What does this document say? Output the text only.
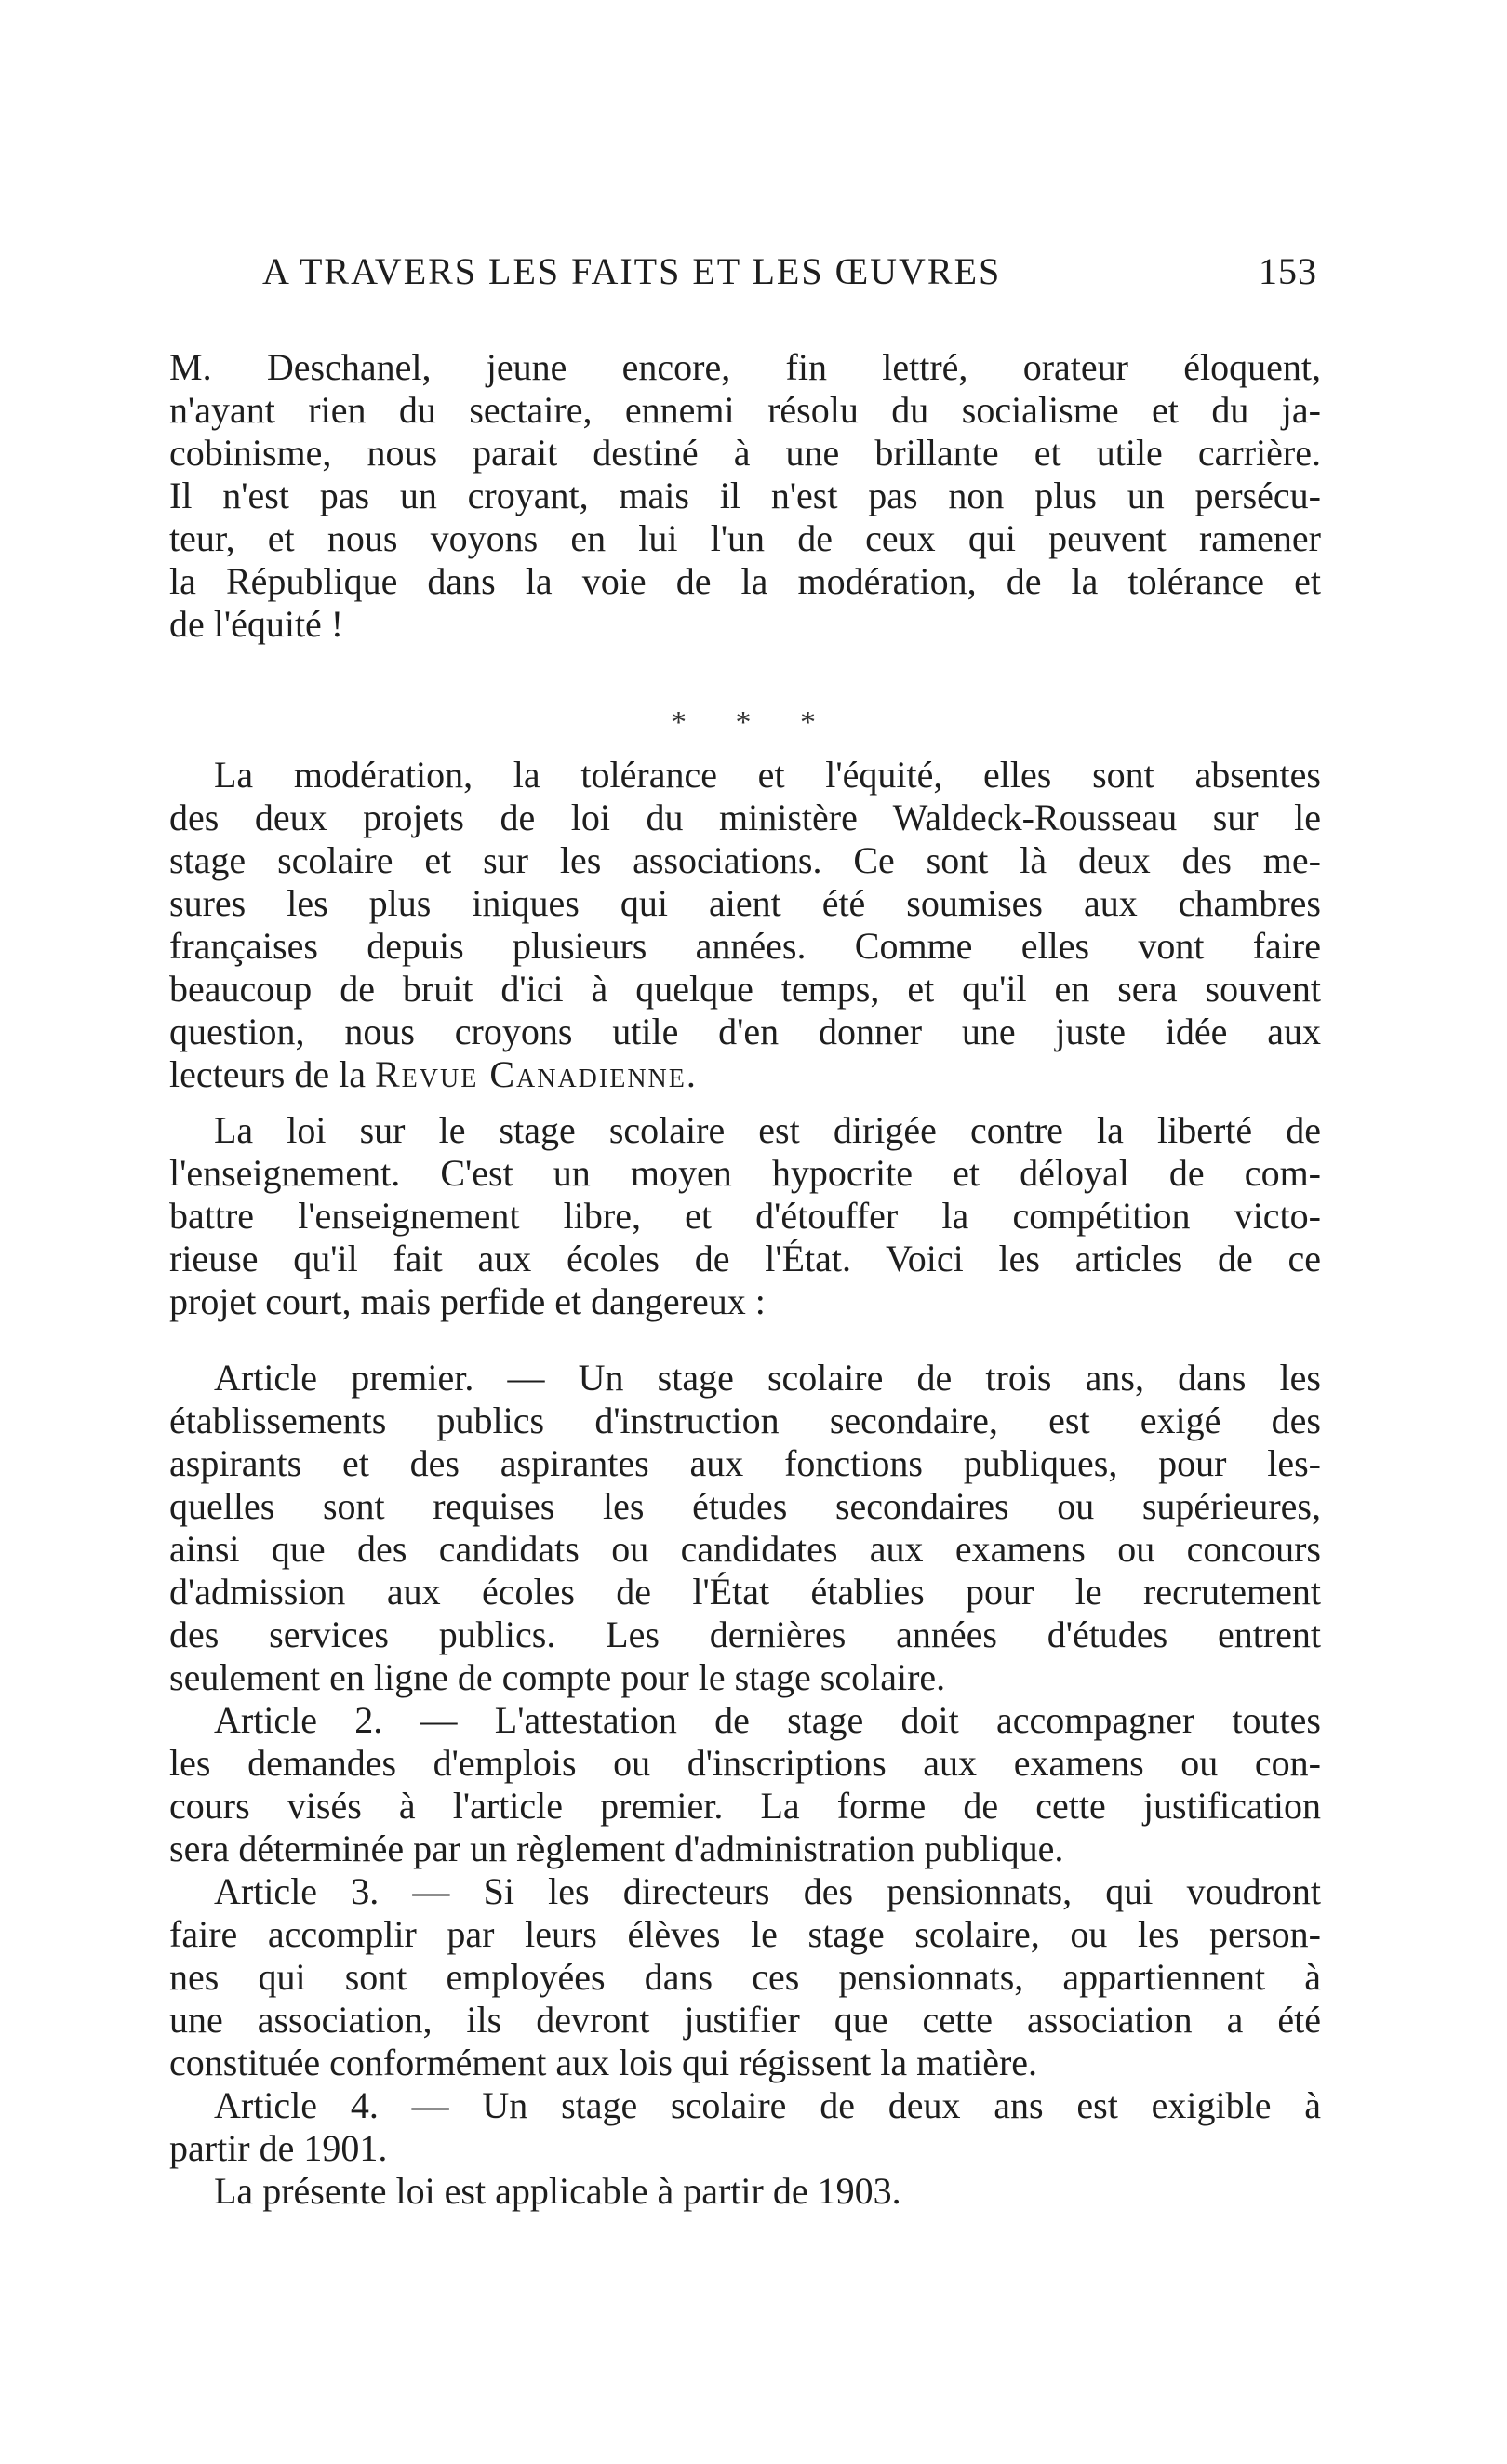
A TRAVERS LES FAITS ET LES ŒUVRES	153
M. Deschanel, jeune encore, fin lettré, orateur éloquent,
n'ayant rien du sectaire, ennemi résolu du socialisme et du ja-
cobinisme, nous parait destiné à une brillante et utile carrière.
Il n'est pas un croyant, mais il n'est pas non plus un persécu-
teur, et nous voyons en lui l'un de ceux qui peuvent ramener
la République dans la voie de la modération, de la tolérance et
de l'équité !
* * *
La modération, la tolérance et l'équité, elles sont absentes
des deux projets de loi du ministère Waldeck-Rousseau sur le
stage scolaire et sur les associations. Ce sont là deux des me-
sures les plus iniques qui aient été soumises aux chambres
françaises depuis plusieurs années. Comme elles vont faire
beaucoup de bruit d'ici à quelque temps, et qu'il en sera souvent
question, nous croyons utile d'en donner une juste idée aux
lecteurs de la Revue Canadienne.
La loi sur le stage scolaire est dirigée contre la liberté de
l'enseignement. C'est un moyen hypocrite et déloyal de com-
battre l'enseignement libre, et d'étouffer la compétition victo-
rieuse qu'il fait aux écoles de l'État. Voici les articles de ce
projet court, mais perfide et dangereux :
Article premier. — Un stage scolaire de trois ans, dans les
établissements publics d'instruction secondaire, est exigé des
aspirants et des aspirantes aux fonctions publiques, pour les-
quelles sont requises les études secondaires ou supérieures,
ainsi que des candidats ou candidates aux examens ou concours
d'admission aux écoles de l'État établies pour le recrutement
des services publics. Les dernières années d'études entrent
seulement en ligne de compte pour le stage scolaire.
Article 2. — L'attestation de stage doit accompagner toutes
les demandes d'emplois ou d'inscriptions aux examens ou con-
cours visés à l'article premier. La forme de cette justification
sera déterminée par un règlement d'administration publique.
Article 3. — Si les directeurs des pensionnats, qui voudront
faire accomplir par leurs élèves le stage scolaire, ou les person-
nes qui sont employées dans ces pensionnats, appartiennent à
une association, ils devront justifier que cette association a été
constituée conformément aux lois qui régissent la matière.
Article 4. — Un stage scolaire de deux ans est exigible à
partir de 1901.
La présente loi est applicable à partir de 1903.
